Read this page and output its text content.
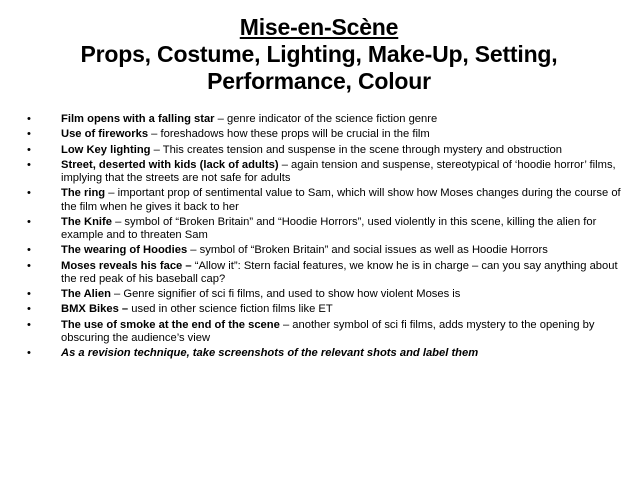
Mise-en-Scène
Props, Costume, Lighting, Make-Up, Setting,
Performance, Colour
•	Film opens with a falling star – genre indicator of the science fiction genre
•	Use of fireworks – foreshadows how these props will be crucial in the film
•	Low Key lighting – This creates tension and suspense in the scene through mystery and obstruction
•	Street, deserted with kids (lack of adults) – again tension and suspense, stereotypical of ‘hoodie horror’ films, implying that the streets are not safe for adults
•	The ring – important prop of sentimental value to Sam, which will show how Moses changes during the course of the film when he gives it back to her
•	The Knife – symbol of “Broken Britain” and “Hoodie Horrors”, used violently in this scene, killing the alien for example and to threaten Sam
•	The wearing of Hoodies – symbol of “Broken Britain” and social issues as well as Hoodie Horrors
•	Moses reveals his face – “Allow it”: Stern facial features, we know he is in charge – can you say anything about the red peak of his baseball cap?
•	The Alien – Genre signifier of sci fi films, and used to show how violent Moses is
•	BMX Bikes – used in other science fiction films like ET
•	The use of smoke at the end of the scene – another symbol of sci fi films, adds mystery to the opening by obscuring the audience’s view
•	As a revision technique, take screenshots of the relevant shots and label them
